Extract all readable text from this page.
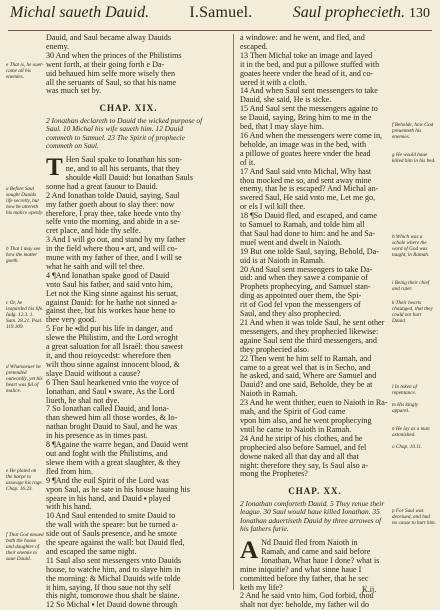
Michal saueth Dauid.	I.Samuel.	Saul prophecieth. 130
e That is, he ouer-came all his enemies.
a Before Saul sought Dauids life secretly, but now he uttereth his malice openly.
b That I may see how the matter goeth.
c Or, he ieoparded his life. Iudg. 12.3. 1. Sam. 28.21. Psal. 119.109.
d Whatsoeuer he pretended outwardly, yet his heart was ful of malice.
e He plaied on the harpe to asswage his rage. Chap. 16.23.
f That God moued both the house and daughter of their enemie to saue Dauid.

Dauid, and Saul became alway Dauids

enemy.

30 And when the princes of the Philistims

went forth, at their going forth e Da-

uid behaued him selfe more wisely then

all the seruants of Saul, so that his name

was much set by.

CHAP. XIX.
2 Ionathan declareth to Dauid the wicked purpose of Saul. 10 Michal his wife saueth him. 12 Dauid commeth to Samuel. 23 The Spirit of prophecie commeth on Saul.
T Hen Saul spake to Ionathan his son-

ne, and to all his seruants, that they

shoulde ▪kill Dauid: but Ionathan Sauls

sonne had a great fauour to Dauid.

2 And Ionathan tolde Dauid, saying, Saul

my father goeth about to slay thee: now

therefore, I pray thee, take heede vnto thy

selfe vnto the morning, and abide in a se-

cret place, and hide thy selfe.

3 And I will go out, and stand by my father

in the field where thou ▪ art, and will co-

mune with my father of thee, and I will se

what he saith and will tel thee.

4 ¶And Ionathan spake good of Dauid

vnto Saul his father, and said vnto him,

Let not the King sinne against his seruat,

against Dauid: for he hathe not sinned a-

gainst thee, but his workes haue bene to

thee very good.

5 For he ▪did put his life in danger, and

slewe the Philistim, and the Lord wroght

a great saluation for all Israél: thou sawest

it, and thou reioycedst: wherefore then

wilt thou sinne against innocent blood, &

slaye Dauid without a cause?

6 Then Saul hearkened vnto the voyce of

Ionathan, and Saul ▪ sware, As the Lord

liueth, he shal not dye.

7 So Ionathan called Dauid, and Iona-

than shewed him all those wordes, & Io-

nathan broght Dauid to Saul, and he was

in his presence as in times past.

8 ¶Againe the warre began, and Dauid went

out and foght with the Philistims, and

slewe them with a great slaughter, & they

fled from him.

9 ¶And the euil Spirit of the Lord was

vpon Saul, as he sate in his house hauing his

speare in his hand, and Dauid ▪ played

with his hand.

10 And Saul entended to smite Dauid to

the wall with the speare: but he turned a-

side out of Sauls presence, and he smote

the speare against the wall: but Dauid fled,

and escaped the same night.

11 Saul also sent messengers vnto Dauids

house, to watche him, and to slaye him in

the morning: & Michal Dauids wife tolde

it him, saying, If thou saue not thy self

this night, tomorowe thou shalt be slaine.

12 So Michal ▪ let Dauid downe through

a windowe: and he went, and fled, and

escaped.

13 Then Michal toke an image and layed

it in the bed, and put a pillowe stuffed with

goates heere vnder the head of it, and co-

uered it with a cloth.

14 And when Saul sent messengers to take

Dauid, she said, He is sicke.

15 And Saul sent the messengers againe to

se Dauid, saying, Bring him to me in the

bed, that I may slaye him.

16 And when the messengers were come in,

beholde, an image was in the bed, with

a pillowe of goates heere vnder the head

of it.

17 And Saul said vnto Michal, Why hast

thou mocked me so, and sent away mine

enemy, that he is escaped? And Michal an-

swered Saul, He said vnto me, Let me go,

or els I wil kill thee.

18 ¶So Dauid fled, and escaped, and came

to Samuel to Ramah, and tolde him all

that Saul had done to him: and he and Sa-

muel went and dwelt in Naioth.

19 But one tolde Saul, saying, Behold, Da-

uid is at Naioth in Ramah.

20 And Saul sent messengers to take Da-

uid: and when they sawe a companie of

Prophets prophecying, and Samuel stan-

ding as appointed ouer them, the Spi-

rit of God fel vpon the messengers of

Saul, and they also prophecied.

21 And when it was tolde Saul, he sent other

messengers, and they prophecied likewise:

againe Saul sent the third messengers, and

they prophecied also.

22 Then went he him self to Ramah, and

came to a great wel that is in Secho, and

he asked, and said, Where are Samuel and

Dauid? and one said, Beholde, they be at

Naioth in Ramah.

23 And he went thither, euen to Naioth in Ra-

mah, and the Spirit of God came

vpon him also, and he went prophecying

vntil he came to Naioth in Ramah.

24 And he stript of his clothes, and he

prophecied also before Samuel, and fel

downe naked all that day and all that

night: therefore they say, Is Saul also a-

mong the Prophetes?

CHAP. XX.
2 Ionathan comforteth Dauid. 5 They renue their league. 30 Saul would haue killed Ionathan. 35 Ionathan aduertiseth Dauid by three arrowes of his fathers furie.
A Nd Dauid fled from Naioth in

Ramah, and came and said before

Ionathan, What haue I done? what is

mine iniquitie? and what sinne haue I

committed before thy father, that he sec

keth my life?

2 And he said vnto him, God forbid, thou

shalt not dye: beholde, my father wil do

f Beholde, how God preuenteth his enemies.
g He would haue killed him in his bed.
h Which was a schole where the word of God was taught, in Ramah.
i Being their chief and ruler.
k Their hearts chaunged, that they could not hurt Dauid.
l In token of repentance.
m His kingly apparel.
n He lay as a man astonished.
o Chap. 10.11.
p For Saul was deceiued, and had no cause to hurt him.
K.ij.
